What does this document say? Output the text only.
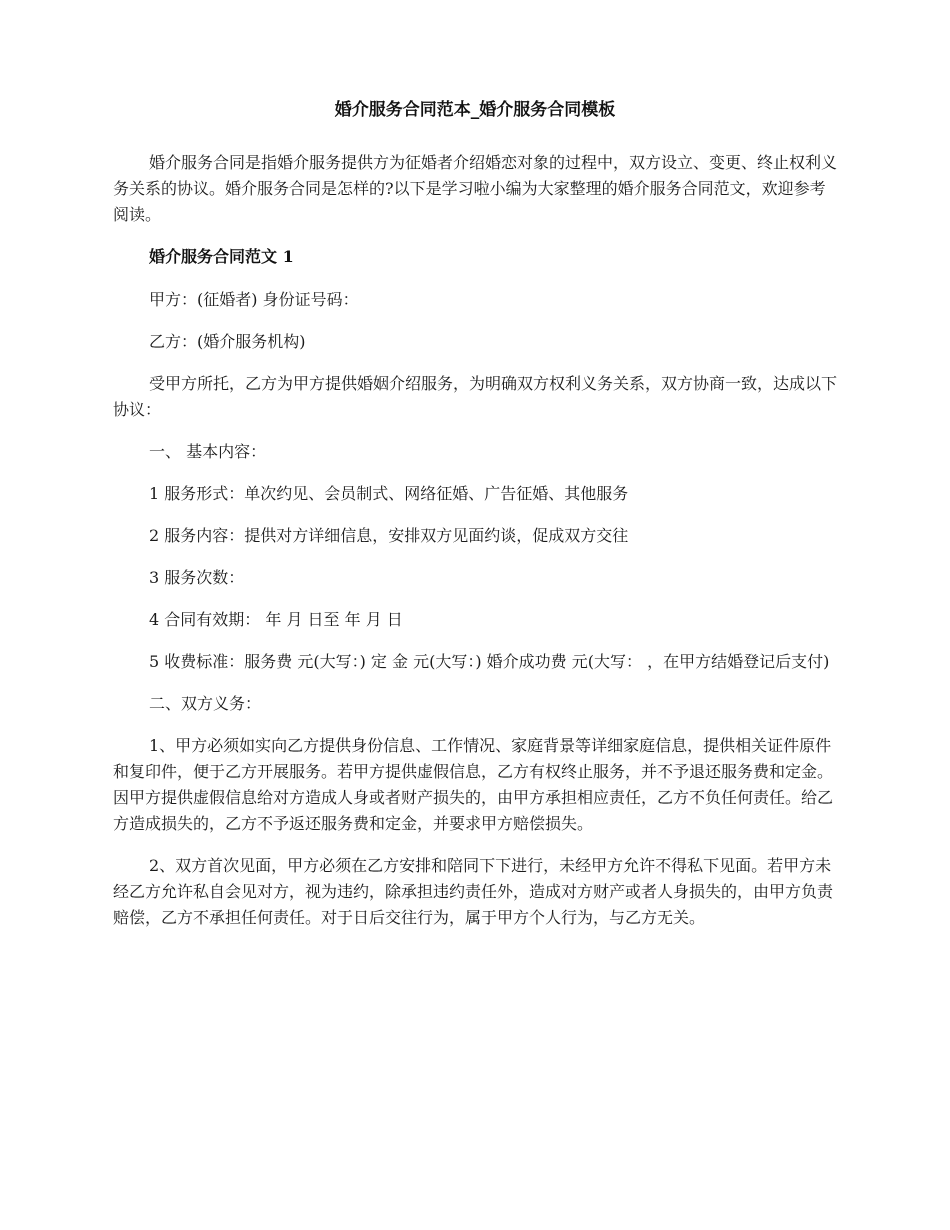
婚介服务合同范本_婚介服务合同模板

婚介服务合同是指婚介服务提供方为征婚者介绍婚恋对象的过程中，双方设立、变更、终止权利义务关系的协议。婚介服务合同是怎样的?以下是学习啦小编为大家整理的婚介服务合同范文，欢迎参考阅读。

婚介服务合同范文 1

甲方：(征婚者) 身份证号码：

乙方：(婚介服务机构)

受甲方所托，乙方为甲方提供婚姻介绍服务，为明确双方权利义务关系，双方协商一致，达成以下协议：

一、 基本内容：

1 服务形式：单次约见、会员制式、网络征婚、广告征婚、其他服务

2 服务内容：提供对方详细信息，安排双方见面约谈，促成双方交往

3 服务次数：

4 合同有效期： 年 月 日至 年 月 日

5 收费标准：服务费 元(大写：) 定 金 元(大写：) 婚介成功费 元(大写： ，在甲方结婚登记后支付)

二、双方义务：

1、甲方必须如实向乙方提供身份信息、工作情况、家庭背景等详细家庭信息，提供相关证件原件和复印件，便于乙方开展服务。若甲方提供虚假信息，乙方有权终止服务，并不予退还服务费和定金。因甲方提供虚假信息给对方造成人身或者财产损失的，由甲方承担相应责任，乙方不负任何责任。给乙方造成损失的，乙方不予返还服务费和定金，并要求甲方赔偿损失。

2、双方首次见面，甲方必须在乙方安排和陪同下下进行，未经甲方允许不得私下见面。若甲方未经乙方允许私自会见对方，视为违约，除承担违约责任外，造成对方财产或者人身损失的，由甲方负责赔偿，乙方不承担任何责任。对于日后交往行为，属于甲方个人行为，与乙方无关。
